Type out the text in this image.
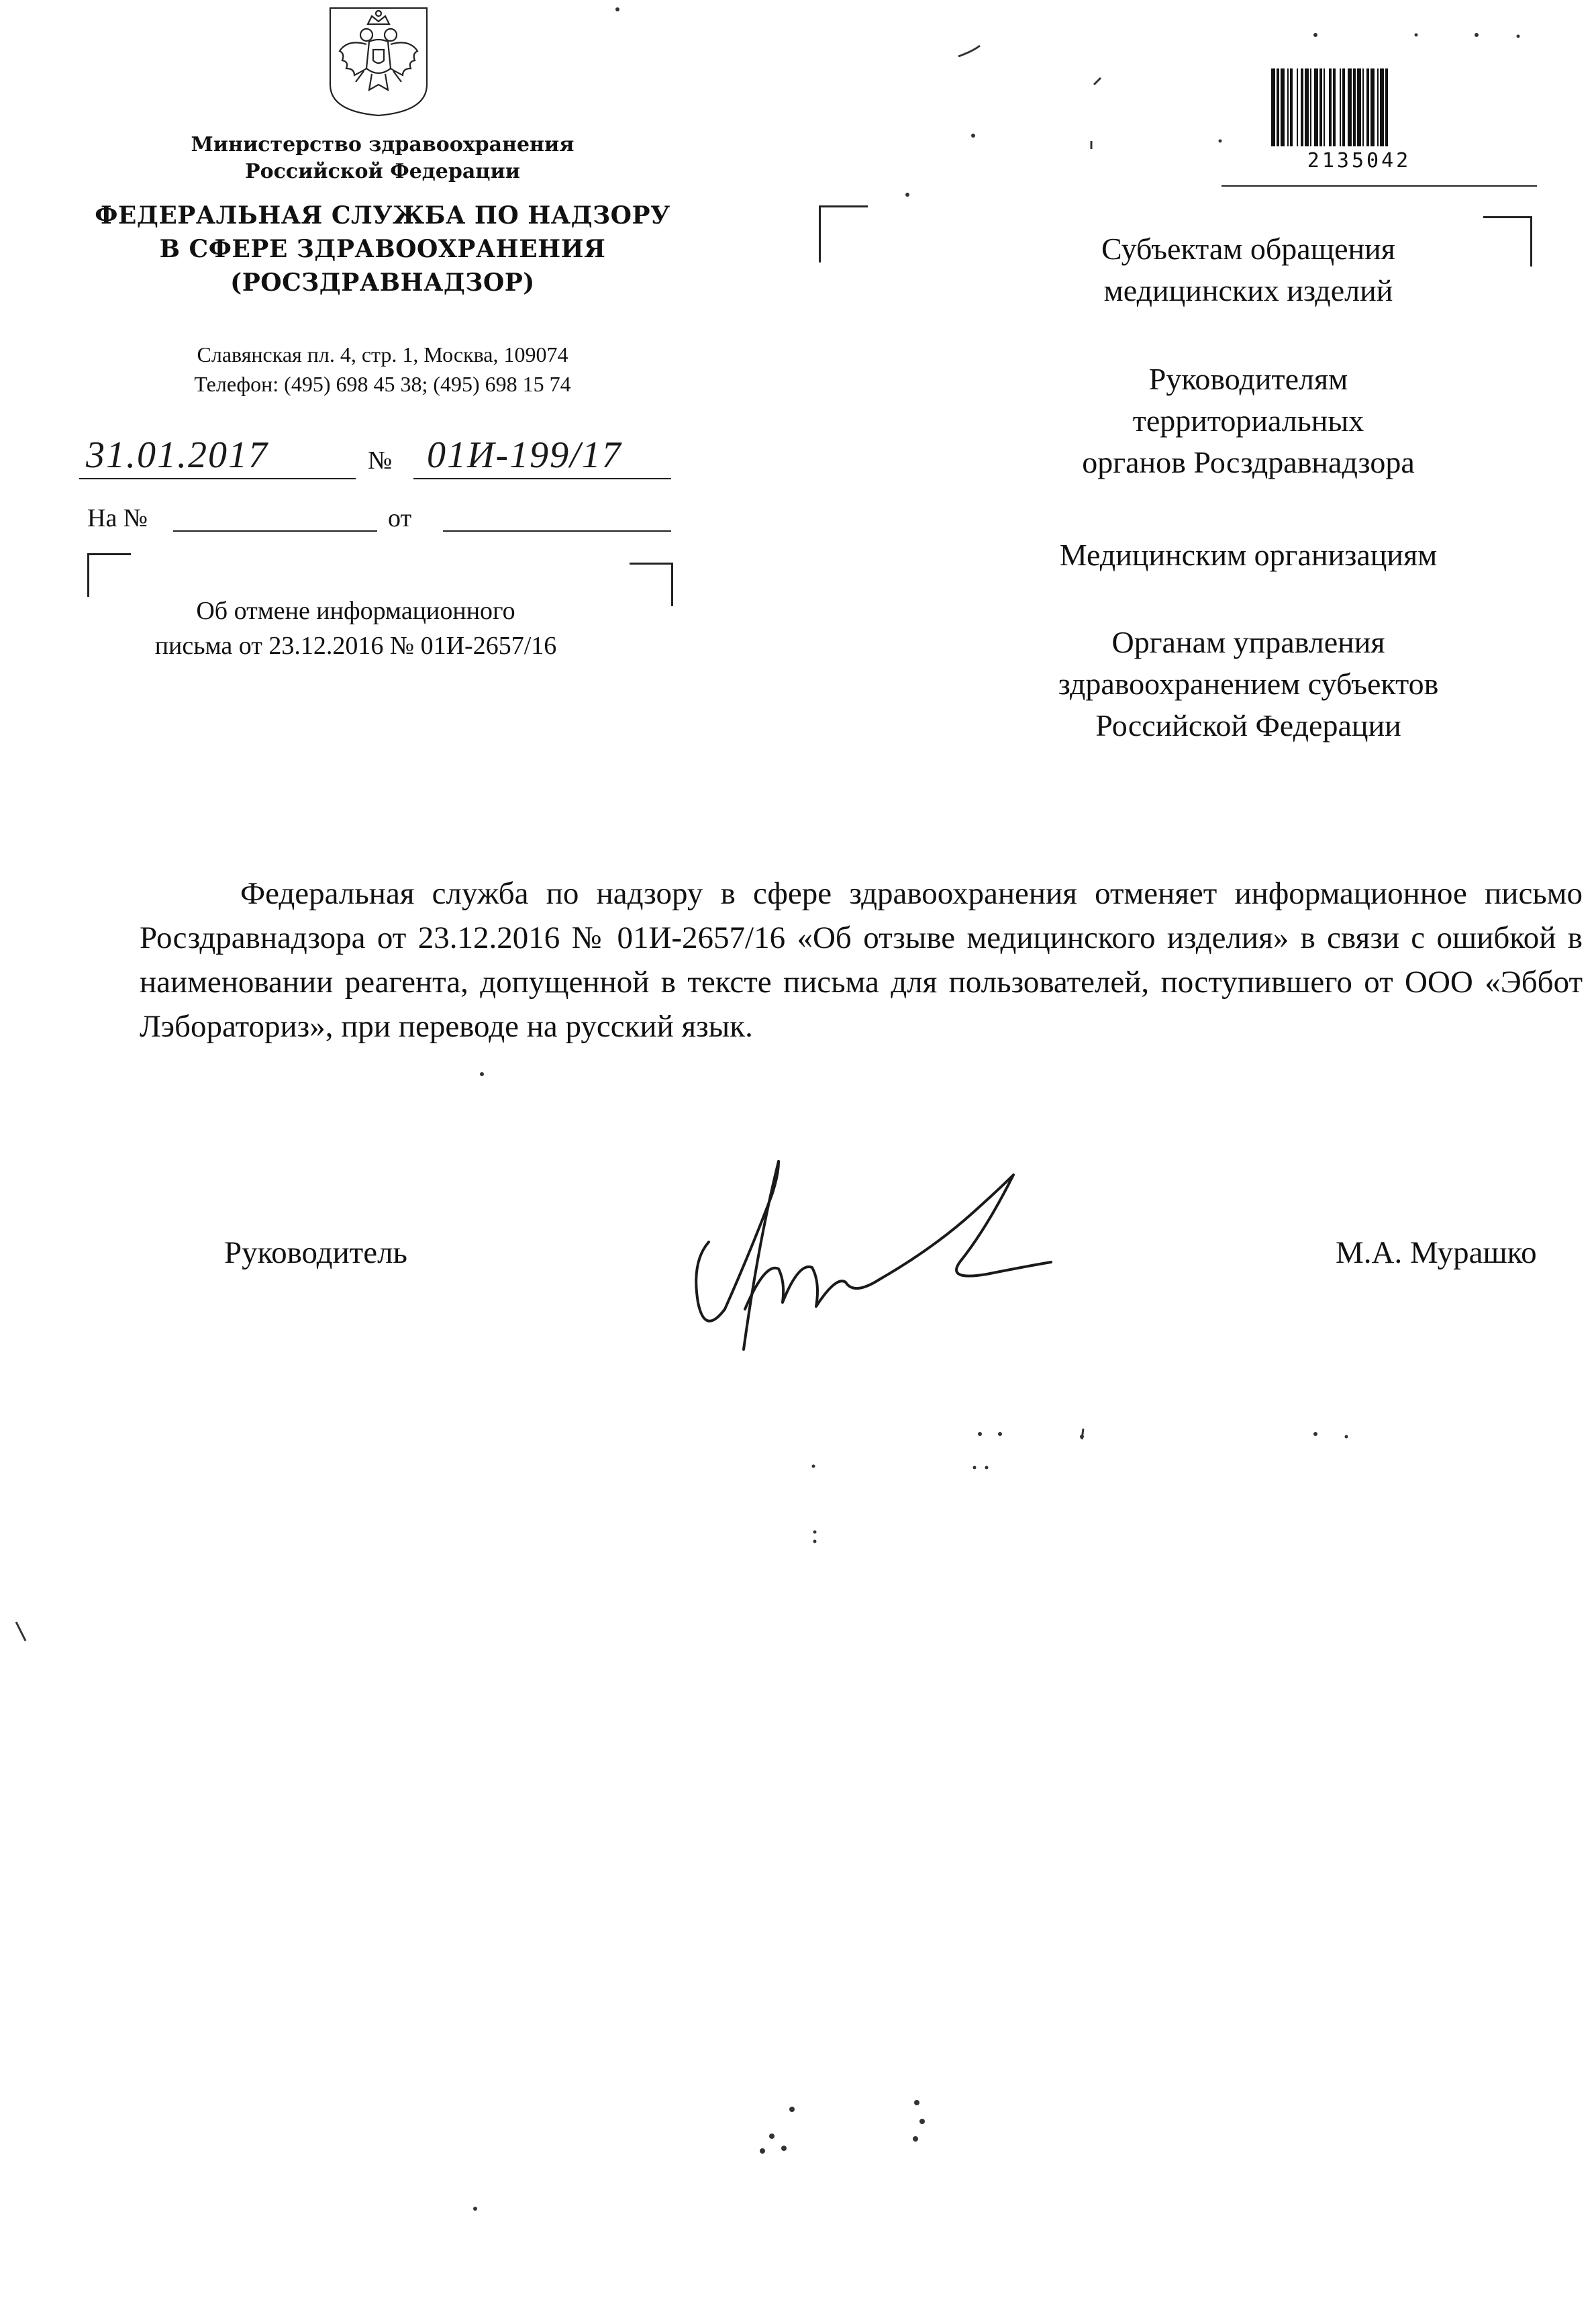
Министерство здравоохранения
Российской Федерации
ФЕДЕРАЛЬНАЯ СЛУЖБА ПО НАДЗОРУ
В СФЕРЕ ЗДРАВООХРАНЕНИЯ
(РОСЗДРАВНАДЗОР)
Славянская пл. 4, стр. 1, Москва, 109074
Телефон: (495) 698 45 38; (495) 698 15 74
31.01.2017	№ 01И-199/17
На №	от
Об отмене информационного
письма от 23.12.2016 № 01И-2657/16
2135042
Субъектам обращения
медицинских изделий
Руководителям
территориальных
органов Росздравнадзора
Медицинским организациям
Органам управления
здравоохранением субъектов
Российской Федерации
Федеральная служба по надзору в сфере здравоохранения отменяет информационное письмо Росздравнадзора от 23.12.2016 № 01И-2657/16 «Об отзыве медицинского изделия» в связи с ошибкой в наименовании реагента, допущенной в тексте письма для пользователей, поступившего от ООО «Эббот Лэбораториз», при переводе на русский язык.
Руководитель	М.А. Мурашко
